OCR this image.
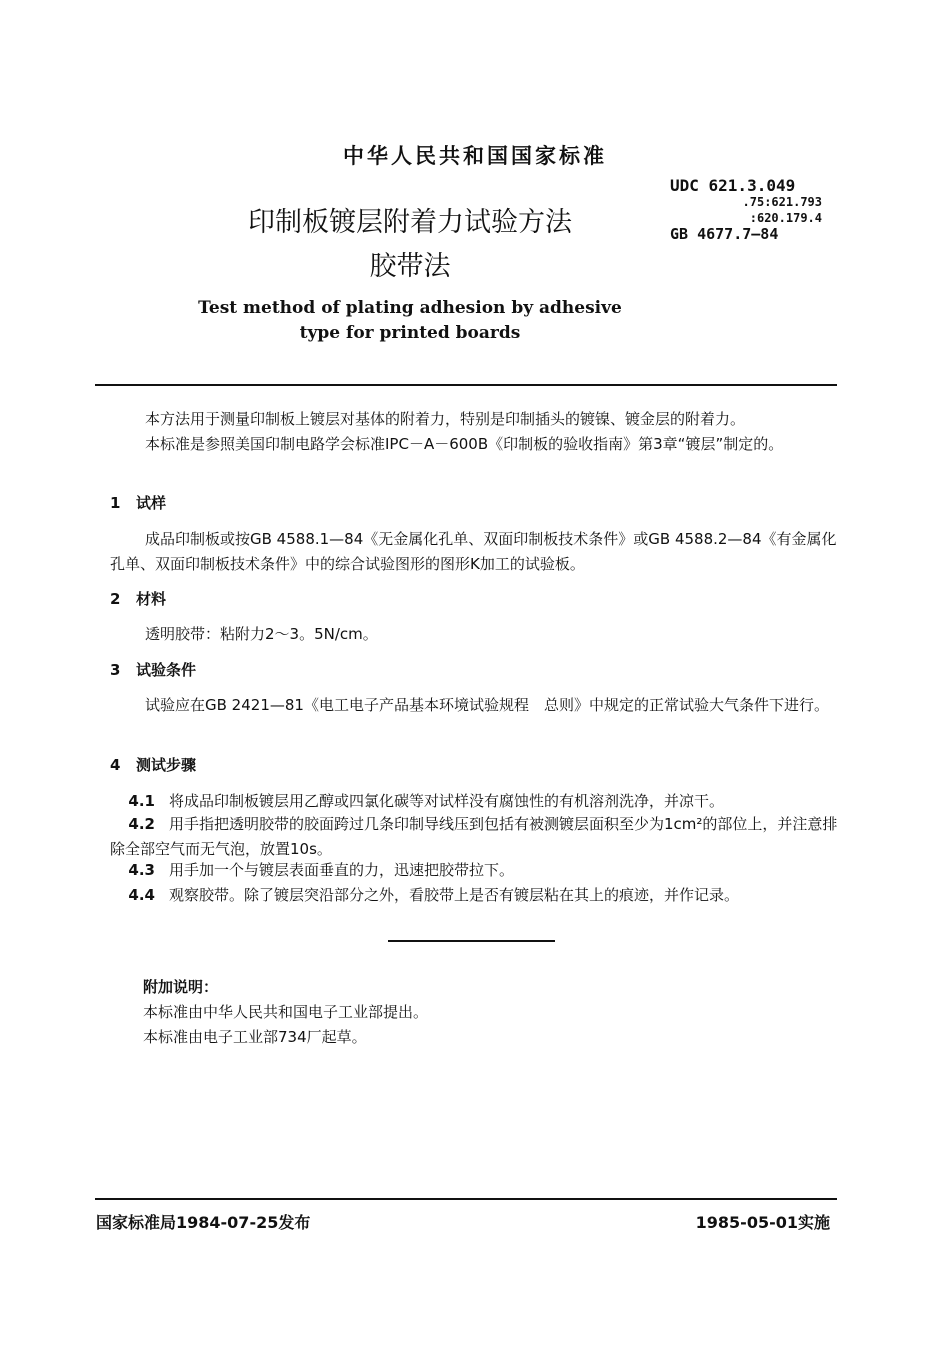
中华人民共和国国家标准
印制板镀层附着力试验方法
胶带法
Test method of plating adhesion by adhesive
type for printed boards
UDC 621.3.049
.75:621.793
:620.179.4
GB 4677.7—84
本方法用于测量印制板上镀层对基体的附着力，特别是印制插头的镀镍、镀金层的附着力。
本标准是参照美国印制电路学会标准IPC－A－600B《印制板的验收指南》第3章“镀层”制定的。
1 试样
成品印制板或按GB 4588.1—84《无金属化孔单、双面印制板技术条件》或GB 4588.2—84《有金属化孔单、双面印制板技术条件》中的综合试验图形的图形K加工的试验板。
2 材料
透明胶带：粘附力2～3。5N/cm。
3 试验条件
试验应在GB 2421—81《电工电子产品基本环境试验规程　总则》中规定的正常试验大气条件下进行。
4 测试步骤
4.1 将成品印制板镀层用乙醇或四氯化碳等对试样没有腐蚀性的有机溶剂洗净，并凉干。
4.2 用手指把透明胶带的胶面跨过几条印制导线压到包括有被测镀层面积至少为1cm²的部位上，并注意排除全部空气而无气泡，放置10s。
4.3 用手加一个与镀层表面垂直的力，迅速把胶带拉下。
4.4 观察胶带。除了镀层突沿部分之外，看胶带上是否有镀层粘在其上的痕迹，并作记录。
附加说明：
本标准由中华人民共和国电子工业部提出。
本标准由电子工业部734厂起草。
国家标准局1984-07-25发布	1985-05-01实施
